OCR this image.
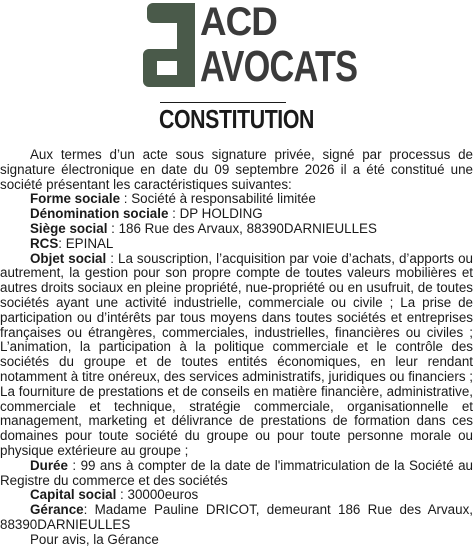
ACD
AVOCATS
CONSTITUTION

Aux termes d’un acte sous signature privée, signé par processus de signature électronique en date du 09 septembre 2026 il a été constitué une société présentant les caractéristiques suivantes:

Forme sociale : Société à responsabilité limitée

Dénomination sociale : DP HOLDING

Siège social : 186 Rue des Arvaux, 88390DARNIEULLES

RCS: EPINAL

Objet social : La souscription, l’acquisition par voie d’achats, d’apports ou autrement, la gestion pour son propre compte de toutes valeurs mobilières et autres droits sociaux en pleine propriété, nue-propriété ou en usufruit, de toutes sociétés ayant une activité industrielle, commerciale ou civile ; La prise de participation ou d’intérêts par tous moyens dans toutes sociétés et entreprises françaises ou étrangères, commerciales, industrielles, financières ou civiles ; L’animation, la participation à la politique commerciale et le contrôle des sociétés du groupe et de toutes entités économiques, en leur rendant notamment à titre onéreux, des services administratifs, juridiques ou financiers ; La fourniture de prestations et de conseils en matière financière, administrative, commerciale et technique, stratégie commerciale, organisationnelle et management, marketing et délivrance de prestations de formation dans ces domaines pour toute société du groupe ou pour toute personne morale ou physique extérieure au groupe ;

Durée : 99 ans à compter de la date de l'immatriculation de la Société au Registre du commerce et des sociétés

Capital social : 30000euros

Gérance: Madame Pauline DRICOT, demeurant 186 Rue des Arvaux, 88390DARNIEULLES

Pour avis, la Gérance
